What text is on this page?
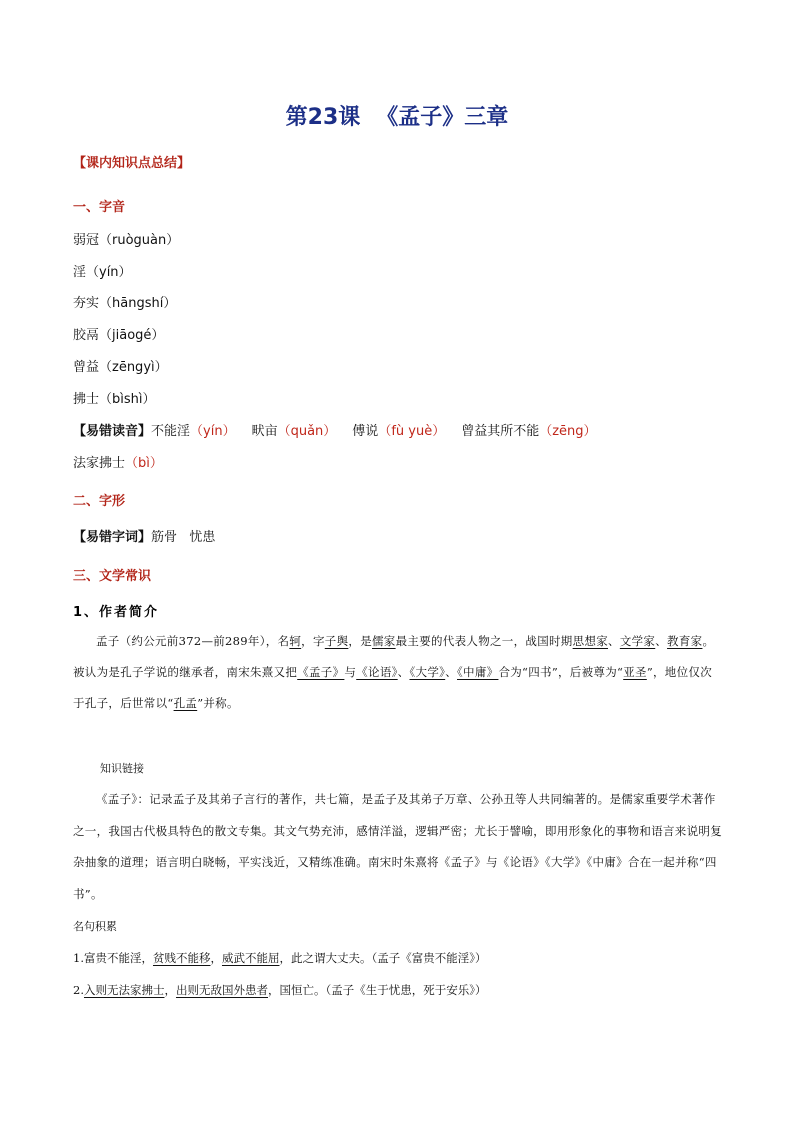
第23课 《孟子》三章
【课内知识点总结】
一、字音
弱冠（ruòguàn）
淫（yín）
夯实（hāngshí）
胶鬲（jiāogé）
曾益（zēngyì）
拂士（bìshì）
【易错读音】不能淫（yín） 畎亩（quǎn） 傅说（fù yuè） 曾益其所不能（zēng）
法家拂士（bì）
二、字形
【易错字词】筋骨   忧患
三、文学常识
1、作者简介
孟子（约公元前372—前289年），名轲，字子舆，是儒家最主要的代表人物之一，战国时期思想家、文学家、教育家。被认为是孔子学说的继承者，南宋朱熹又把《孟子》与《论语》、《大学》、《中庸》合为“四书”，后被尊为“亚圣”，地位仅次于孔子，后世常以“孔孟”并称。
知识链接
《孟子》：记录孟子及其弟子言行的著作，共七篇，是孟子及其弟子万章、公孙丑等人共同编著的。是儒家重要学术著作之一，我国古代极具特色的散文专集。其文气势充沛，感情洋溢，逻辑严密；尤长于譬喻，即用形象化的事物和语言来说明复杂抽象的道理；语言明白晓畅，平实浅近，又精练准确。南宋时朱熹将《孟子》与《论语》《大学》《中庸》合在一起并称“四书”。
名句积累
1.富贵不能淫，贫贱不能移，威武不能屈，此之谓大丈夫。（孟子《富贵不能淫》）
2.入则无法家拂士，出则无敌国外患者，国恒亡。（孟子《生于忧患，死于安乐》）
